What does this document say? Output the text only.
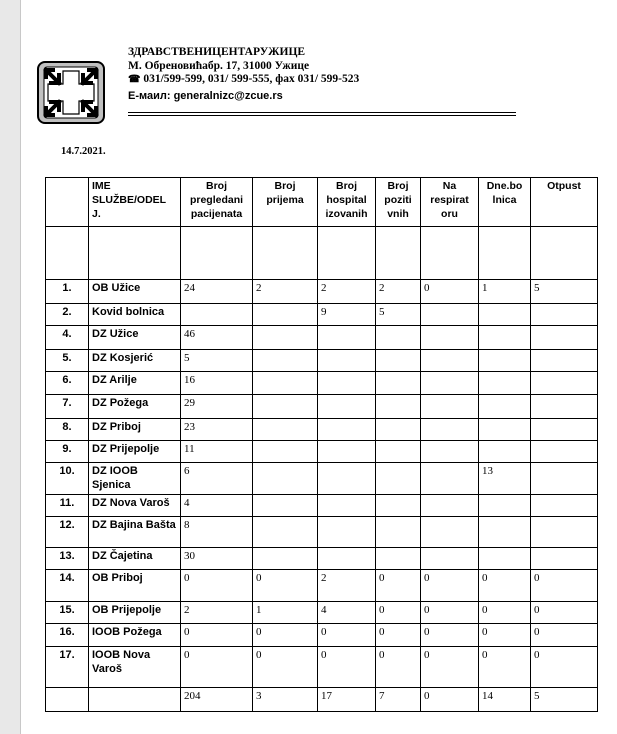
ЗДРАВСТВЕНИЦЕНТАРУЖИЦЕ
М. Обреновићабр. 17, 31000 Ужице
☎ 031/599-599, 031/ 599-555, фах 031/ 599-523
Е-маил: generalnizc@zcue.rs
14.7.2021.
	IME SLUŽBE/ODEL J.	Broj pregledani pacijenata	Broj prijema	Broj hospital izovanih	Broj poziti vnih	Na respirat oru	Dne.bo lnica	Otpust

1.	OB Užice	24	2	2	2	0	1	5
2.	Kovid bolnica			9	5			
4.	DZ Užice	46						
5.	DZ Kosjerić	5						
6.	DZ Arilje	16						
7.	DZ Požega	29						
8.	DZ Priboj	23						
9.	DZ Prijepolje	11						
10.	DZ IOOB Sjenica	6					13	
11.	DZ Nova Varoš	4						
12.	DZ Bajina Bašta	8						
13.	DZ Čajetina	30						
14.	OB Priboj	0	0	2	0	0	0	0
15.	OB Prijepolje	2	1	4	0	0	0	0
16.	IOOB Požega	0	0	0	0	0	0	0
17.	IOOB Nova Varoš	0	0	0	0	0	0	0
		204	3	17	7	0	14	5
